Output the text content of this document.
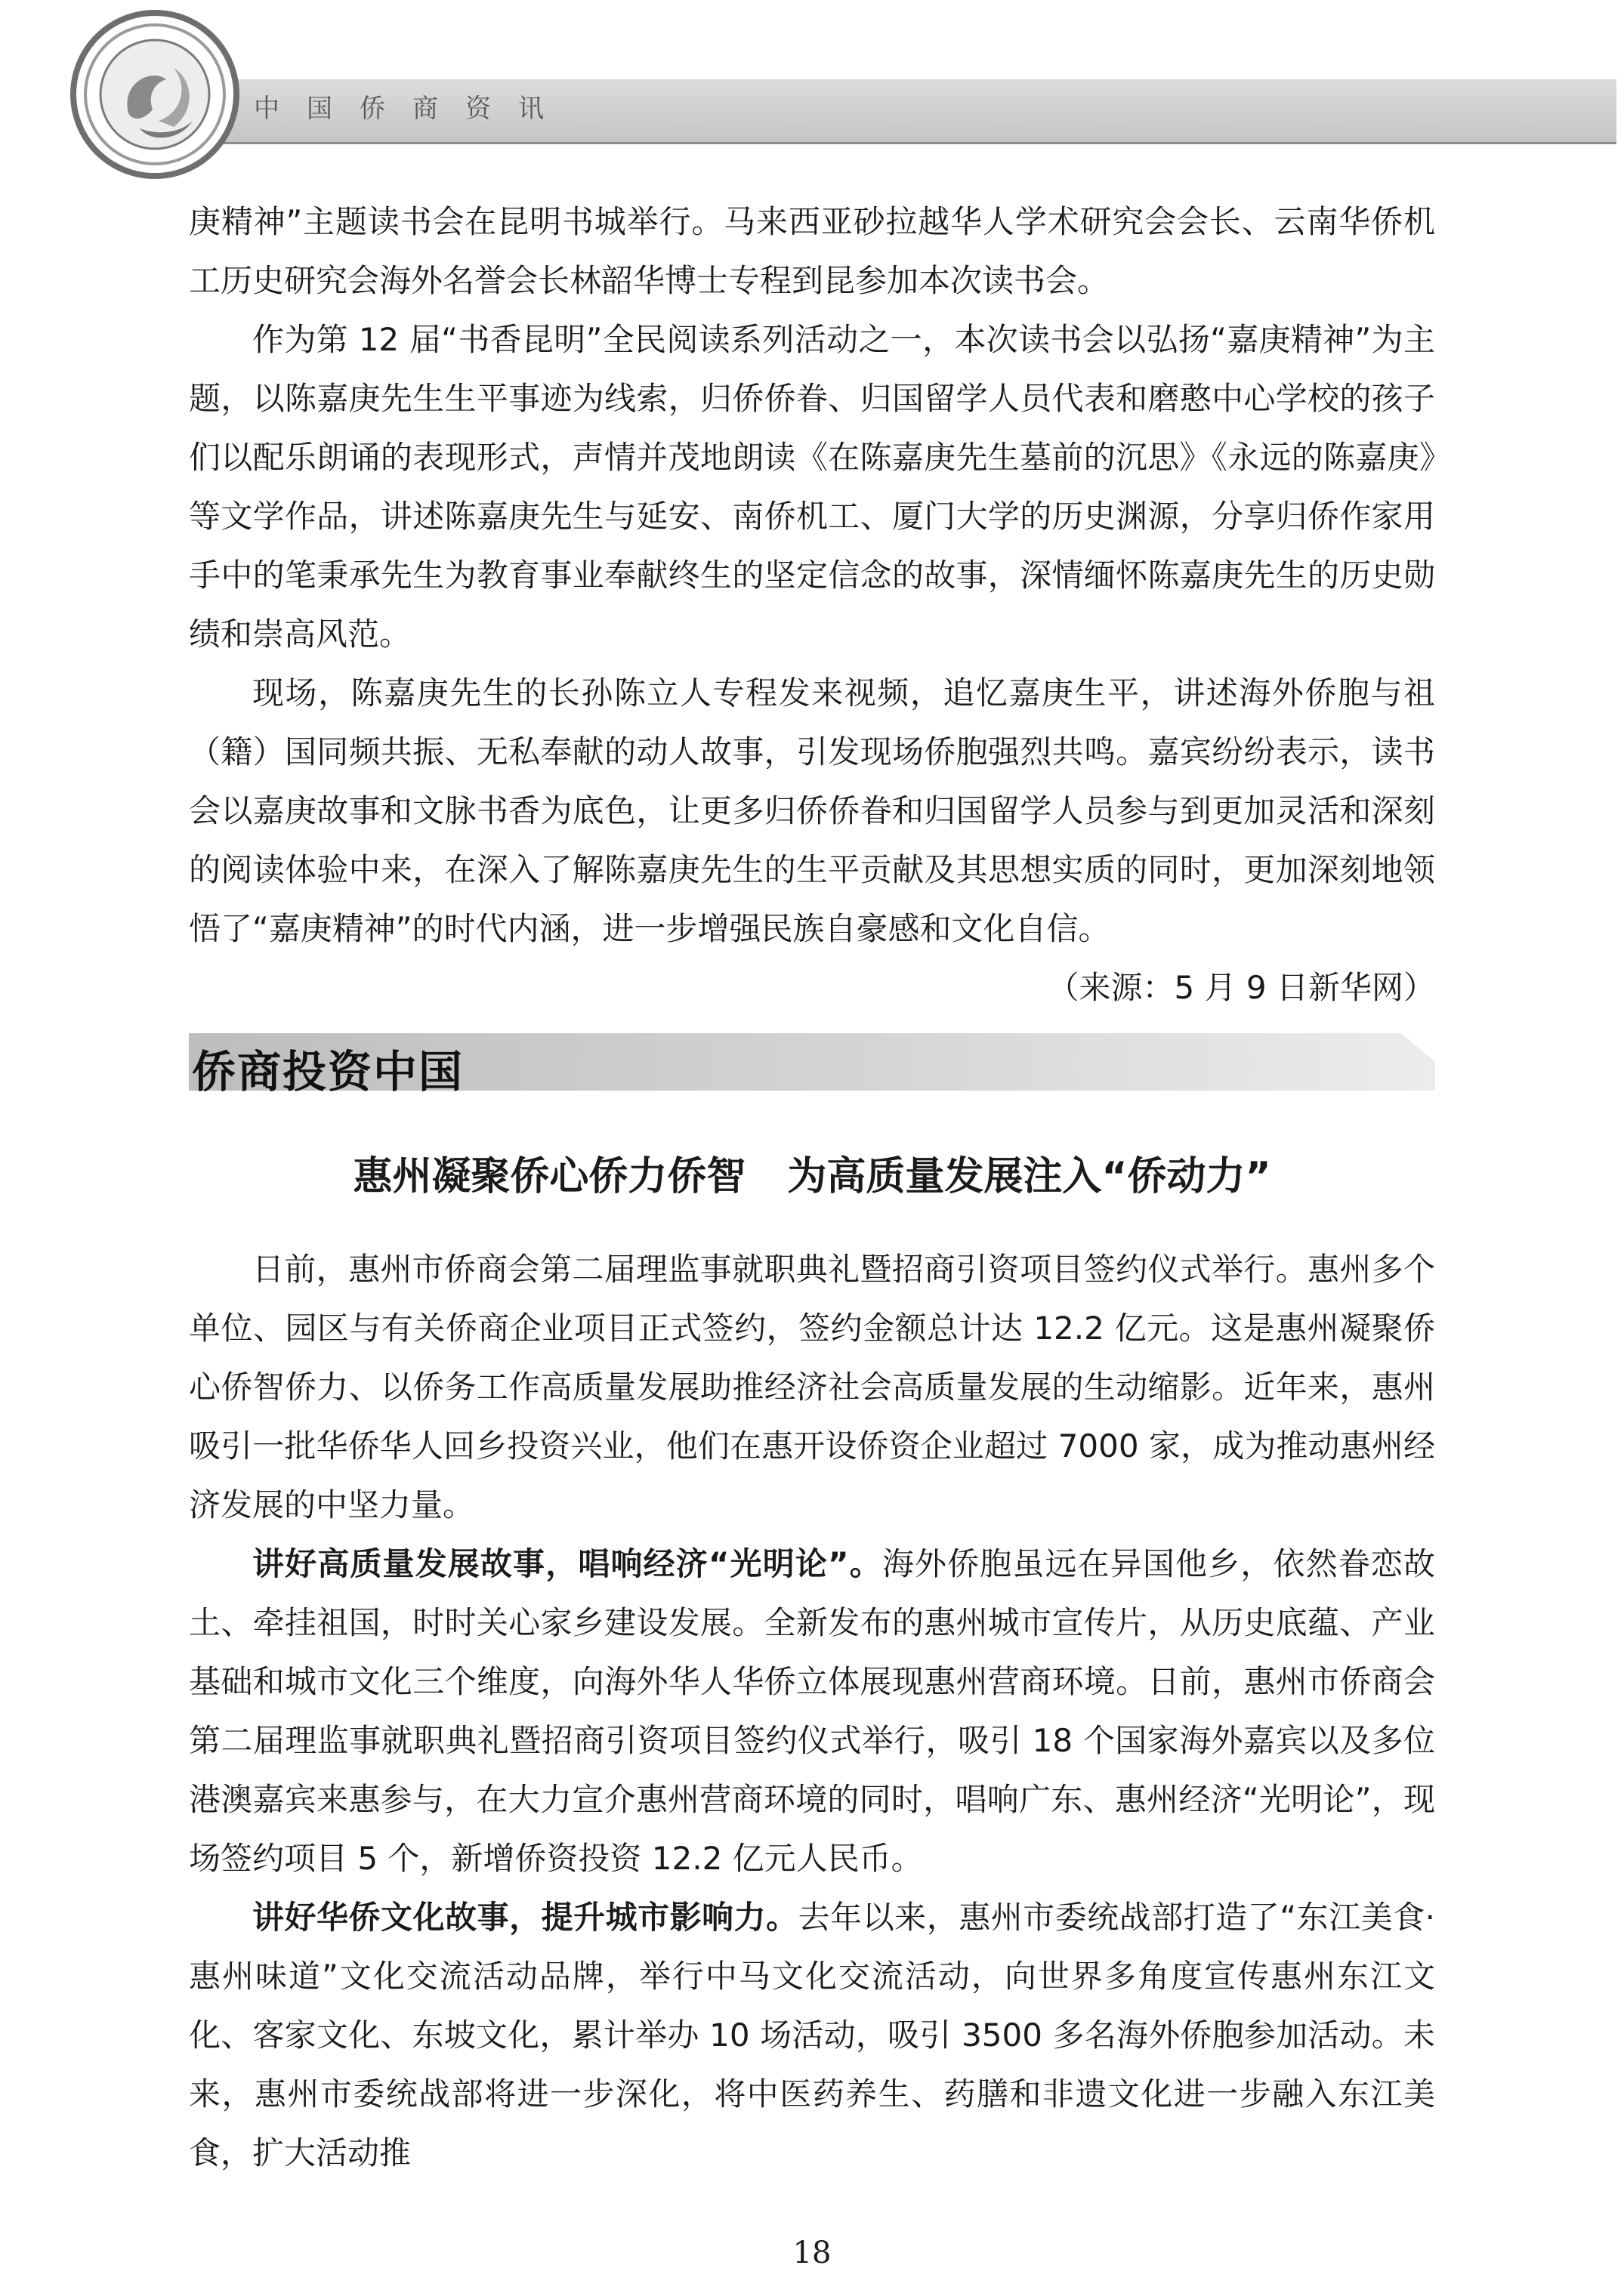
中国侨商资讯

庚精神”主题读书会在昆明书城举行。马来西亚砂拉越华人学术研究会会长、云南华侨机工历史研究会海外名誉会长林韶华博士专程到昆参加本次读书会。

作为第 12 届“书香昆明”全民阅读系列活动之一，本次读书会以弘扬“嘉庚精神”为主题，以陈嘉庚先生生平事迹为线索，归侨侨眷、归国留学人员代表和磨憨中心学校的孩子们以配乐朗诵的表现形式，声情并茂地朗读《在陈嘉庚先生墓前的沉思》《永远的陈嘉庚》等文学作品，讲述陈嘉庚先生与延安、南侨机工、厦门大学的历史渊源，分享归侨作家用手中的笔秉承先生为教育事业奉献终生的坚定信念的故事，深情缅怀陈嘉庚先生的历史勋绩和崇高风范。

现场，陈嘉庚先生的长孙陈立人专程发来视频，追忆嘉庚生平，讲述海外侨胞与祖（籍）国同频共振、无私奉献的动人故事，引发现场侨胞强烈共鸣。嘉宾纷纷表示，读书会以嘉庚故事和文脉书香为底色，让更多归侨侨眷和归国留学人员参与到更加灵活和深刻的阅读体验中来，在深入了解陈嘉庚先生的生平贡献及其思想实质的同时，更加深刻地领悟了“嘉庚精神”的时代内涵，进一步增强民族自豪感和文化自信。

（来源：5 月 9 日新华网）
侨商投资中国
惠州凝聚侨心侨力侨智 为高质量发展注入“侨动力”

日前，惠州市侨商会第二届理监事就职典礼暨招商引资项目签约仪式举行。惠州多个单位、园区与有关侨商企业项目正式签约，签约金额总计达 12.2 亿元。这是惠州凝聚侨心侨智侨力、以侨务工作高质量发展助推经济社会高质量发展的生动缩影。近年来，惠州吸引一批华侨华人回乡投资兴业，他们在惠开设侨资企业超过 7000 家，成为推动惠州经济发展的中坚力量。

讲好高质量发展故事，唱响经济“光明论”。海外侨胞虽远在异国他乡，依然眷恋故土、牵挂祖国，时时关心家乡建设发展。全新发布的惠州城市宣传片，从历史底蕴、产业基础和城市文化三个维度，向海外华人华侨立体展现惠州营商环境。日前，惠州市侨商会第二届理监事就职典礼暨招商引资项目签约仪式举行，吸引 18 个国家海外嘉宾以及多位港澳嘉宾来惠参与，在大力宣介惠州营商环境的同时，唱响广东、惠州经济“光明论”，现场签约项目 5 个，新增侨资投资 12.2 亿元人民币。

讲好华侨文化故事，提升城市影响力。去年以来，惠州市委统战部打造了“东江美食·惠州味道”文化交流活动品牌，举行中马文化交流活动，向世界多角度宣传惠州东江文化、客家文化、东坡文化，累计举办 10 场活动，吸引 3500 多名海外侨胞参加活动。未来，惠州市委统战部将进一步深化，将中医药养生、药膳和非遗文化进一步融入东江美食，扩大活动推

18
